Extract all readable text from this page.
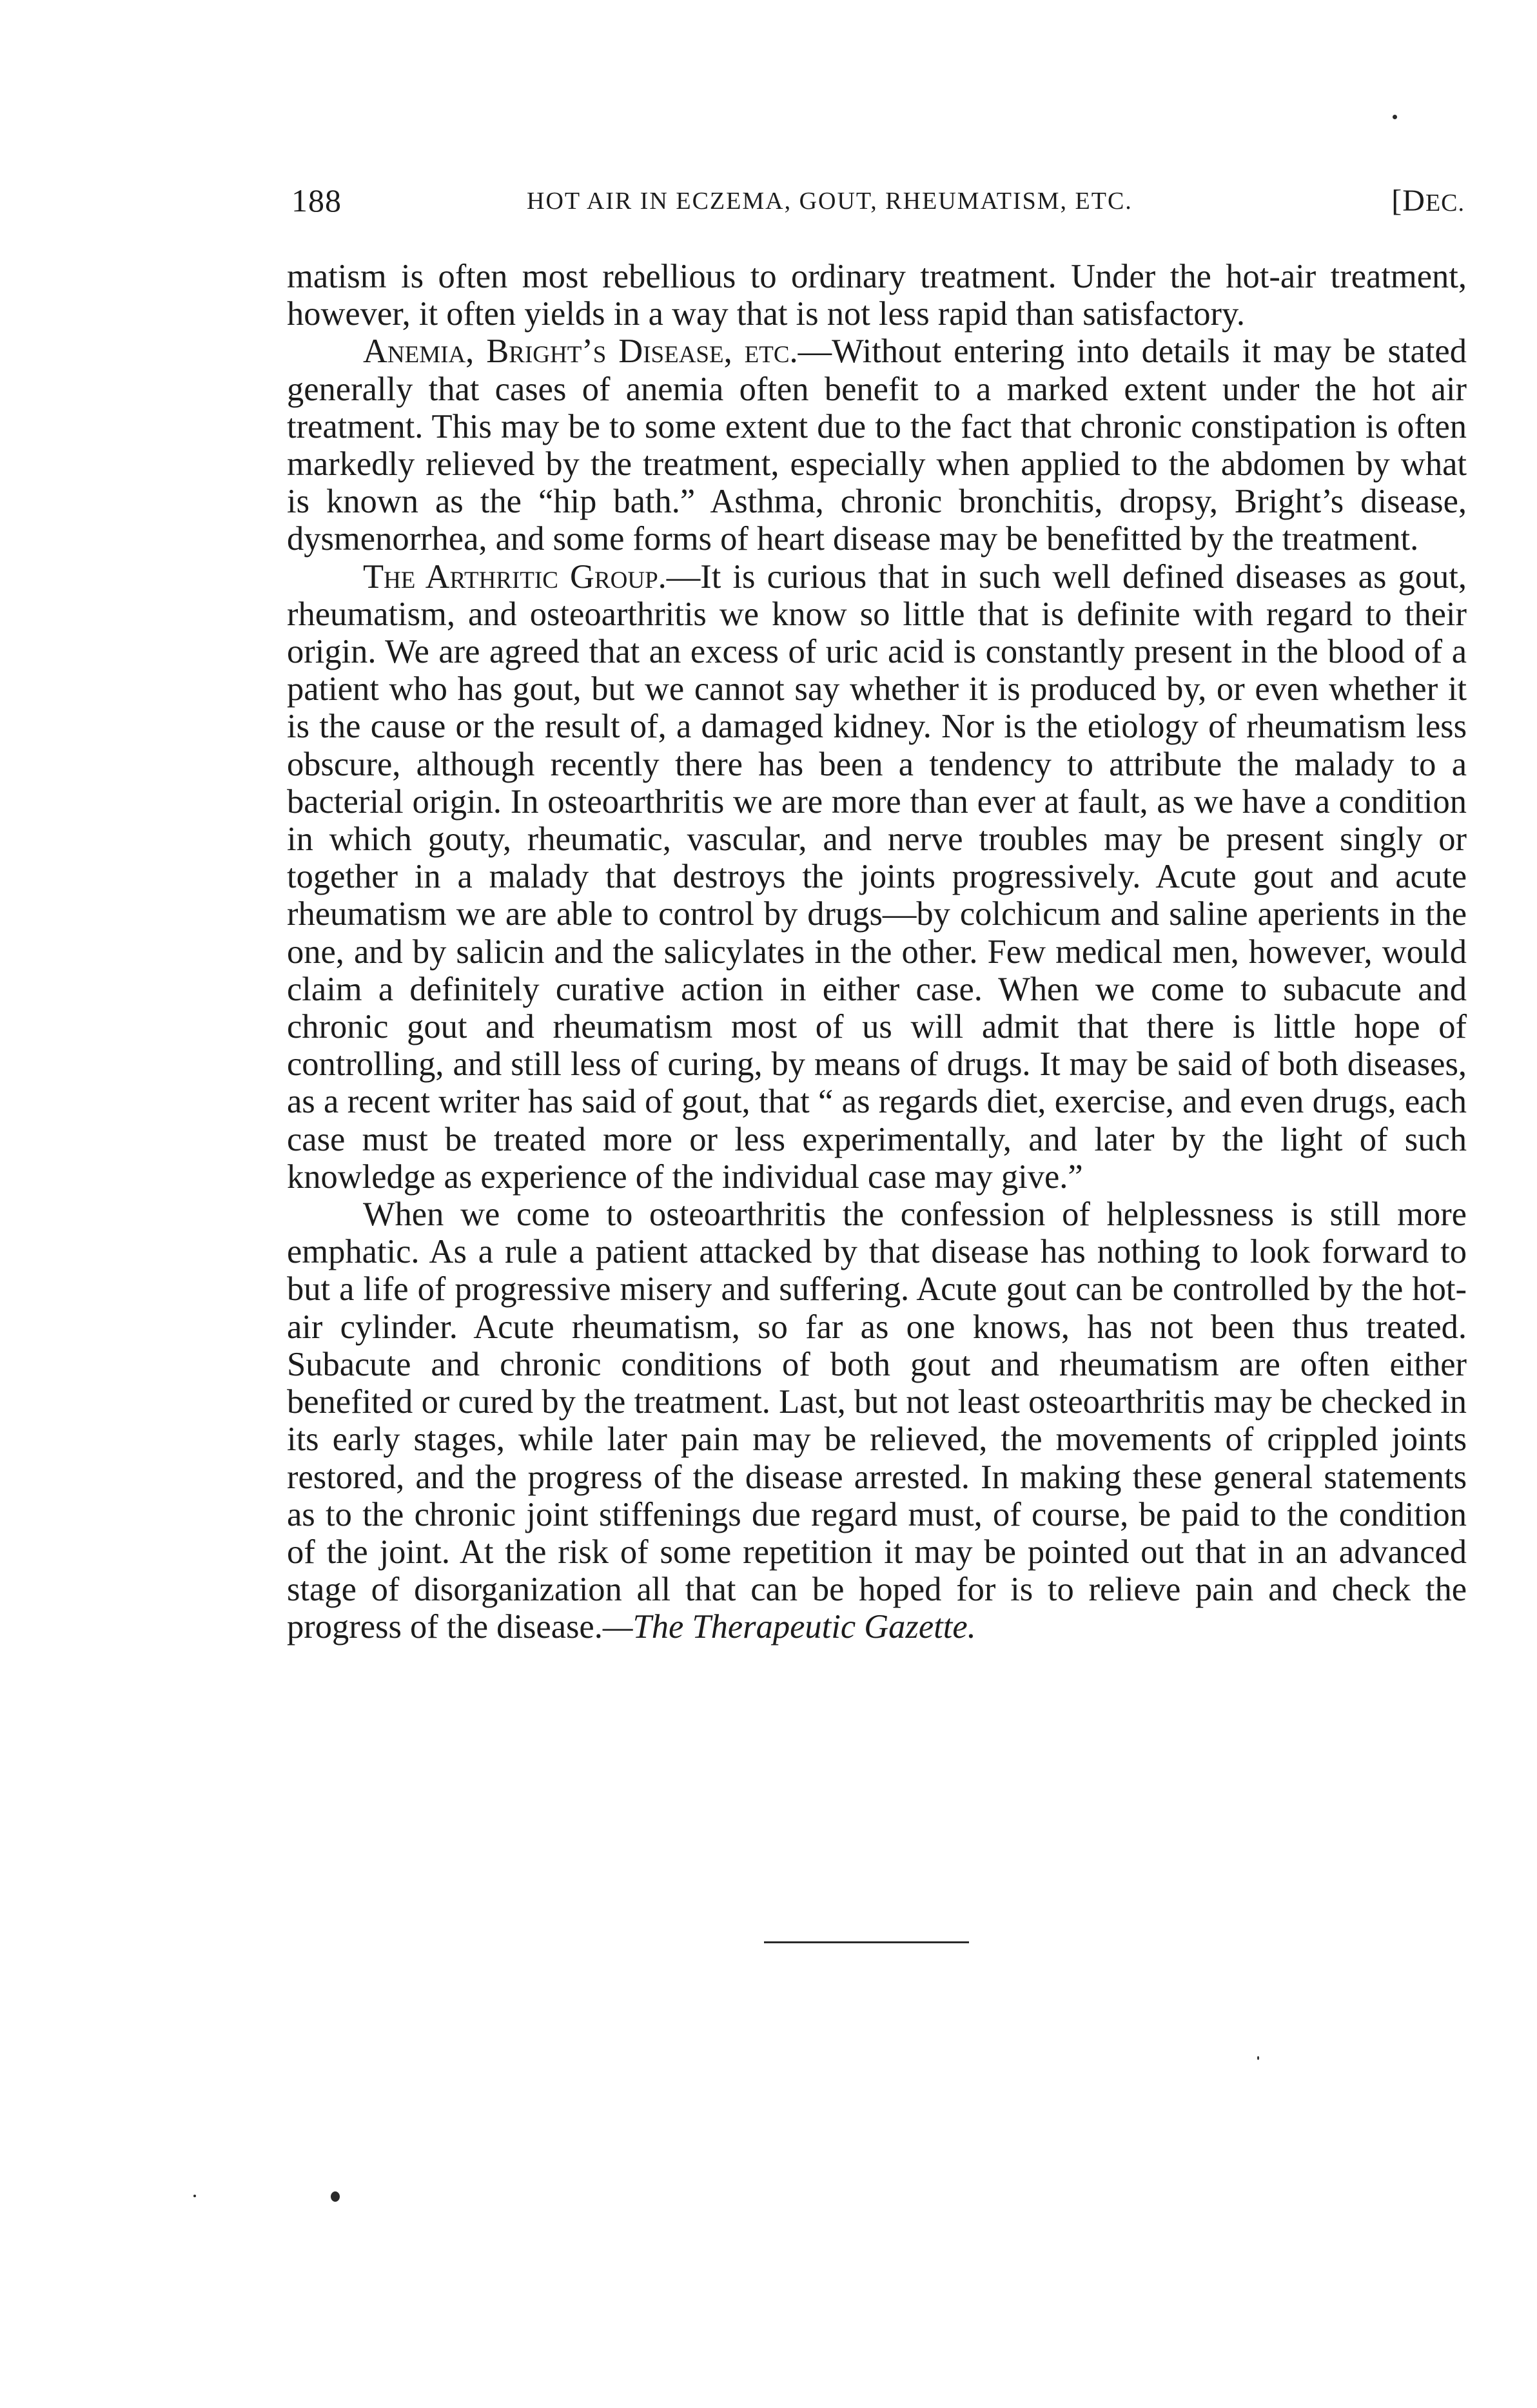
188	HOT AIR IN ECZEMA, GOUT, RHEUMATISM, ETC.	[DEC.

matism is often most rebellious to ordinary treatment. Under the hot-air treatment, however, it often yields in a way that is not less rapid than satisfactory.

Anemia, Bright’s Disease, etc.—Without entering into details it may be stated generally that cases of anemia often benefit to a marked extent under the hot air treatment. This may be to some extent due to the fact that chronic constipation is often markedly relieved by the treatment, especially when applied to the abdomen by what is known as the “hip bath.” Asthma, chronic bronchitis, dropsy, Bright’s disease, dysmenorrhea, and some forms of heart disease may be benefitted by the treatment.

The Arthritic Group.—It is curious that in such well defined diseases as gout, rheumatism, and osteoarthritis we know so little that is definite with regard to their origin. We are agreed that an excess of uric acid is constantly present in the blood of a patient who has gout, but we cannot say whether it is produced by, or even whether it is the cause or the result of, a damaged kidney. Nor is the etiology of rheumatism less obscure, although recently there has been a tendency to attribute the malady to a bacterial origin. In osteoarthritis we are more than ever at fault, as we have a condition in which gouty, rheumatic, vascular, and nerve troubles may be present singly or together in a malady that destroys the joints progressively. Acute gout and acute rheumatism we are able to control by drugs—by colchicum and saline aperients in the one, and by salicin and the salicylates in the other. Few medical men, however, would claim a definitely curative action in either case. When we come to subacute and chronic gout and rheumatism most of us will admit that there is little hope of controlling, and still less of curing, by means of drugs. It may be said of both diseases, as a recent writer has said of gout, that “ as regards diet, exercise, and even drugs, each case must be treated more or less experimentally, and later by the light of such knowledge as experience of the individual case may give.”

When we come to osteoarthritis the confession of helplessness is still more emphatic. As a rule a patient attacked by that disease has nothing to look forward to but a life of progressive misery and suffering. Acute gout can be controlled by the hot-air cylinder. Acute rheumatism, so far as one knows, has not been thus treated. Subacute and chronic conditions of both gout and rheumatism are often either benefited or cured by the treatment. Last, but not least osteoarthritis may be checked in its early stages, while later pain may be relieved, the movements of crippled joints restored, and the progress of the disease arrested. In making these general statements as to the chronic joint stiffenings due regard must, of course, be paid to the condition of the joint. At the risk of some repetition it may be pointed out that in an advanced stage of disorganization all that can be hoped for is to relieve pain and check the progress of the disease.—The Therapeutic Gazette.
